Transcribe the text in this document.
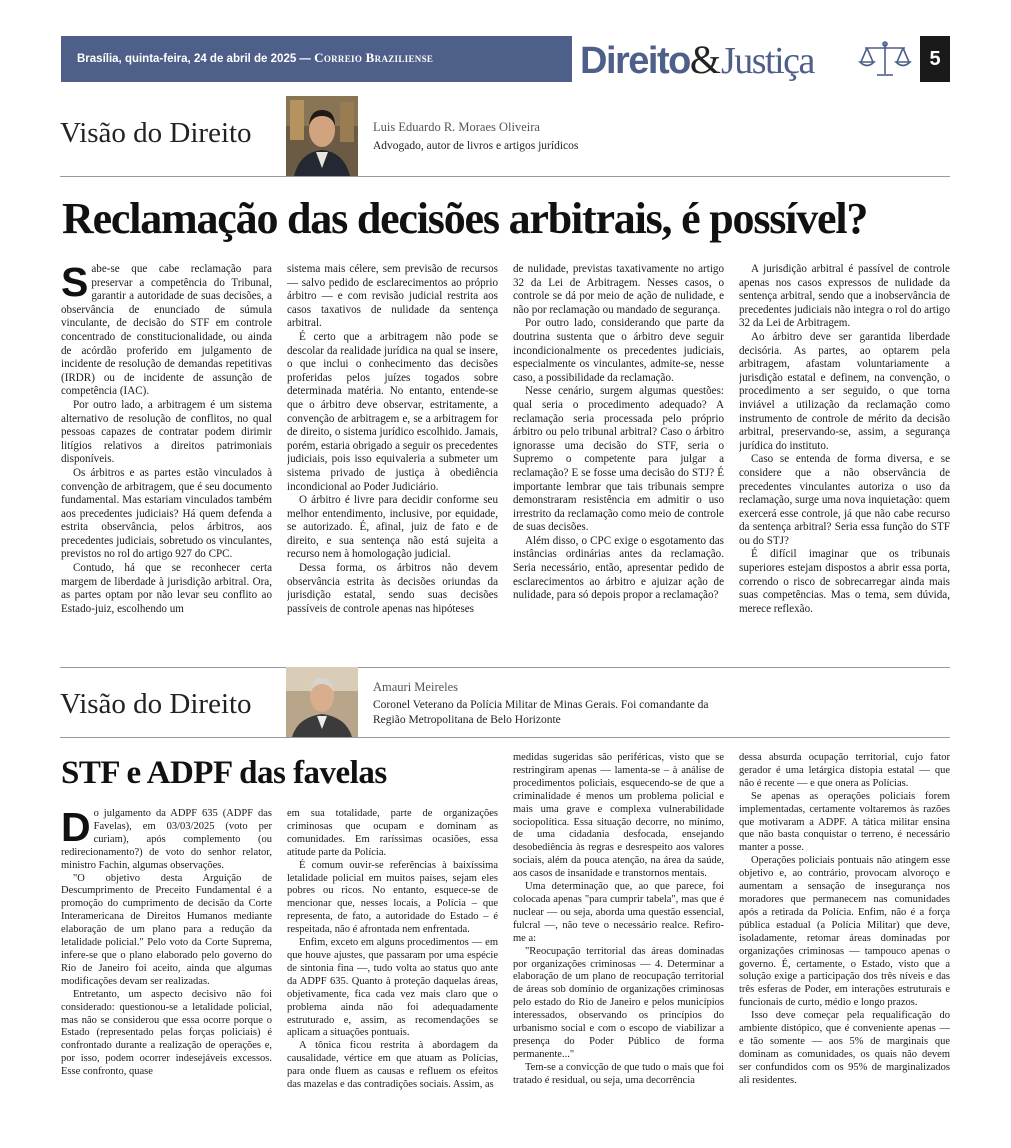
Brasília, quinta-feira, 24 de abril de 2025 — Correio Braziliense	Direito&Justiça	5
Visão do Direito	Luis Eduardo R. Moraes Oliveira
Advogado, autor de livros e artigos jurídicos
Reclamação das decisões arbitrais, é possível?
S abe-se que cabe reclamação para preservar a competência do Tribunal, garantir a autoridade de suas decisões, a observância de enunciado de súmula vinculante, de decisão do STF em controle concentrado de constitucionalidade, ou ainda de acórdão proferido em julgamento de incidente de resolução de demandas repetitivas (IRDR) ou de incidente de assunção de competência (IAC).

Por outro lado, a arbitragem é um sistema alternativo de resolução de conflitos, no qual pessoas capazes de contratar podem dirimir litígios relativos a direitos patrimoniais disponíveis.

Os árbitros e as partes estão vinculados à convenção de arbitragem, que é seu documento fundamental. Mas estariam vinculados também aos precedentes judiciais? Há quem defenda a estrita observância, pelos árbitros, aos precedentes judiciais, sobretudo os vinculantes, previstos no rol do artigo 927 do CPC.

Contudo, há que se reconhecer certa margem de liberdade à jurisdição arbitral. Ora, as partes optam por não levar seu conflito ao Estado-juiz, escolhendo um

sistema mais célere, sem previsão de recursos — salvo pedido de esclarecimentos ao próprio árbitro — e com revisão judicial restrita aos casos taxativos de nulidade da sentença arbitral.

É certo que a arbitragem não pode se descolar da realidade jurídica na qual se insere, o que inclui o conhecimento das decisões proferidas pelos juízes togados sobre determinada matéria. No entanto, entende-se que o árbitro deve observar, estritamente, a convenção de arbitragem e, se a arbitragem for de direito, o sistema jurídico escolhido. Jamais, porém, estaria obrigado a seguir os precedentes judiciais, pois isso equivaleria a submeter um sistema privado de justiça à obediência incondicional ao Poder Judiciário.

O árbitro é livre para decidir conforme seu melhor entendimento, inclusive, por equidade, se autorizado. É, afinal, juiz de fato e de direito, e sua sentença não está sujeita a recurso nem à homologação judicial.

Dessa forma, os árbitros não devem observância estrita às decisões oriundas da jurisdição estatal, sendo suas decisões passíveis de controle apenas nas hipóteses

de nulidade, previstas taxativamente no artigo 32 da Lei de Arbitragem. Nesses casos, o controle se dá por meio de ação de nulidade, e não por reclamação ou mandado de segurança.

Por outro lado, considerando que parte da doutrina sustenta que o árbitro deve seguir incondicionalmente os precedentes judiciais, especialmente os vinculantes, admite-se, nesse caso, a possibilidade da reclamação.

Nesse cenário, surgem algumas questões: qual seria o procedimento adequado? A reclamação seria processada pelo próprio árbitro ou pelo tribunal arbitral? Caso o árbitro ignorasse uma decisão do STF, seria o Supremo o competente para julgar a reclamação? E se fosse uma decisão do STJ? É importante lembrar que tais tribunais sempre demonstraram resistência em admitir o uso irrestrito da reclamação como meio de controle de suas decisões.

Além disso, o CPC exige o esgotamento das instâncias ordinárias antes da reclamação. Seria necessário, então, apresentar pedido de esclarecimentos ao árbitro e ajuizar ação de nulidade, para só depois propor a reclamação?

A jurisdição arbitral é passível de controle apenas nos casos expressos de nulidade da sentença arbitral, sendo que a inobservância de precedentes judiciais não integra o rol do artigo 32 da Lei de Arbitragem.

Ao árbitro deve ser garantida liberdade decisória. As partes, ao optarem pela arbitragem, afastam voluntariamente a jurisdição estatal e definem, na convenção, o procedimento a ser seguido, o que torna inviável a utilização da reclamação como instrumento de controle de mérito da decisão arbitral, preservando-se, assim, a segurança jurídica do instituto.

Caso se entenda de forma diversa, e se considere que a não observância de precedentes vinculantes autoriza o uso da reclamação, surge uma nova inquietação: quem exercerá esse controle, já que não cabe recurso da sentença arbitral? Seria essa função do STF ou do STJ?

É difícil imaginar que os tribunais superiores estejam dispostos a abrir essa porta, correndo o risco de sobrecarregar ainda mais suas competências. Mas o tema, sem dúvida, merece reflexão.

Visão do Direito
Amauri Meireles
Coronel Veterano da Polícia Militar de Minas Gerais. Foi comandante da Região Metropolitana de Belo Horizonte
STF e ADPF das favelas
D o julgamento da ADPF 635 (ADPF das Favelas), em 03/03/2025 (voto per curiam), após complemento (ou redirecionamento?) de voto do senhor relator, ministro Fachin, algumas observações.

"O objetivo desta Arguição de Descumprimento de Preceito Fundamental é a promoção do cumprimento de decisão da Corte Interamericana de Direitos Humanos mediante elaboração de um plano para a redução da letalidade policial." Pelo voto da Corte Suprema, infere-se que o plano elaborado pelo governo do Rio de Janeiro foi aceito, ainda que algumas modificações devam ser realizadas.

Entretanto, um aspecto decisivo não foi considerado: questionou-se a letalidade policial, mas não se considerou que essa ocorre porque o Estado (representado pelas forças policiais) é confrontado durante a realização de operações e, por isso, podem ocorrer indesejáveis excessos. Esse confronto, quase

em sua totalidade, parte de organizações criminosas que ocupam e dominam as comunidades. Em raríssimas ocasiões, essa atitude parte da Polícia.

É comum ouvir-se referências à baixíssima letalidade policial em muitos países, sejam eles pobres ou ricos. No entanto, esquece-se de mencionar que, nesses locais, a Polícia – que representa, de fato, a autoridade do Estado – é respeitada, não é afrontada nem enfrentada.

Enfim, exceto em alguns procedimentos — em que houve ajustes, que passaram por uma espécie de sintonia fina —, tudo volta ao status quo ante da ADPF 635. Quanto à proteção daquelas áreas, objetivamente, fica cada vez mais claro que o problema ainda não foi adequadamente estruturado e, assim, as recomendações se aplicam a situações pontuais.

A tônica ficou restrita à abordagem da causalidade, vértice em que atuam as Polícias, para onde fluem as causas e refluem os efeitos das mazelas e das contradições sociais. Assim, as

medidas sugeridas são periféricas, visto que se restringiram apenas — lamenta-se – à análise de procedimentos policiais, esquecendo-se de que a criminalidade é menos um problema policial e mais uma grave e complexa vulnerabilidade sociopolítica. Essa situação decorre, no mínimo, de uma cidadania desfocada, ensejando desobediência às regras e desrespeito aos valores sociais, além da pouca atenção, na área da saúde, aos casos de insanidade e transtornos mentais.

Uma determinação que, ao que parece, foi colocada apenas "para cumprir tabela", mas que é nuclear — ou seja, aborda uma questão essencial, fulcral —, não teve o necessário realce. Refiro-me a:

"Reocupação territorial das áreas dominadas por organizações criminosas — 4. Determinar a elaboração de um plano de reocupação territorial de áreas sob domínio de organizações criminosas pelo estado do Rio de Janeiro e pelos municípios interessados, observando os princípios do urbanismo social e com o escopo de viabilizar a presença do Poder Público de forma permanente..."

Tem-se a convicção de que tudo o mais que foi tratado é residual, ou seja, uma decorrência

dessa absurda ocupação territorial, cujo fator gerador é uma letárgica distopia estatal — que não é recente — e que onera as Polícias.

Se apenas as operações policiais forem implementadas, certamente voltaremos às razões que motivaram a ADPF. A tática militar ensina que não basta conquistar o terreno, é necessário manter a posse.

Operações policiais pontuais não atingem esse objetivo e, ao contrário, provocam alvoroço e aumentam a sensação de insegurança nos moradores que permanecem nas comunidades após a retirada da Polícia. Enfim, não é a força pública estadual (a Polícia Militar) que deve, isoladamente, retomar áreas dominadas por organizações criminosas — tampouco apenas o governo. É, certamente, o Estado, visto que a solução exige a participação dos três níveis e das três esferas de Poder, em interações estruturais e funcionais de curto, médio e longo prazos.

Isso deve começar pela requalificação do ambiente distópico, que é conveniente apenas — e tão somente — aos 5% de marginais que dominam as comunidades, os quais não devem ser confundidos com os 95% de marginalizados ali residentes.
